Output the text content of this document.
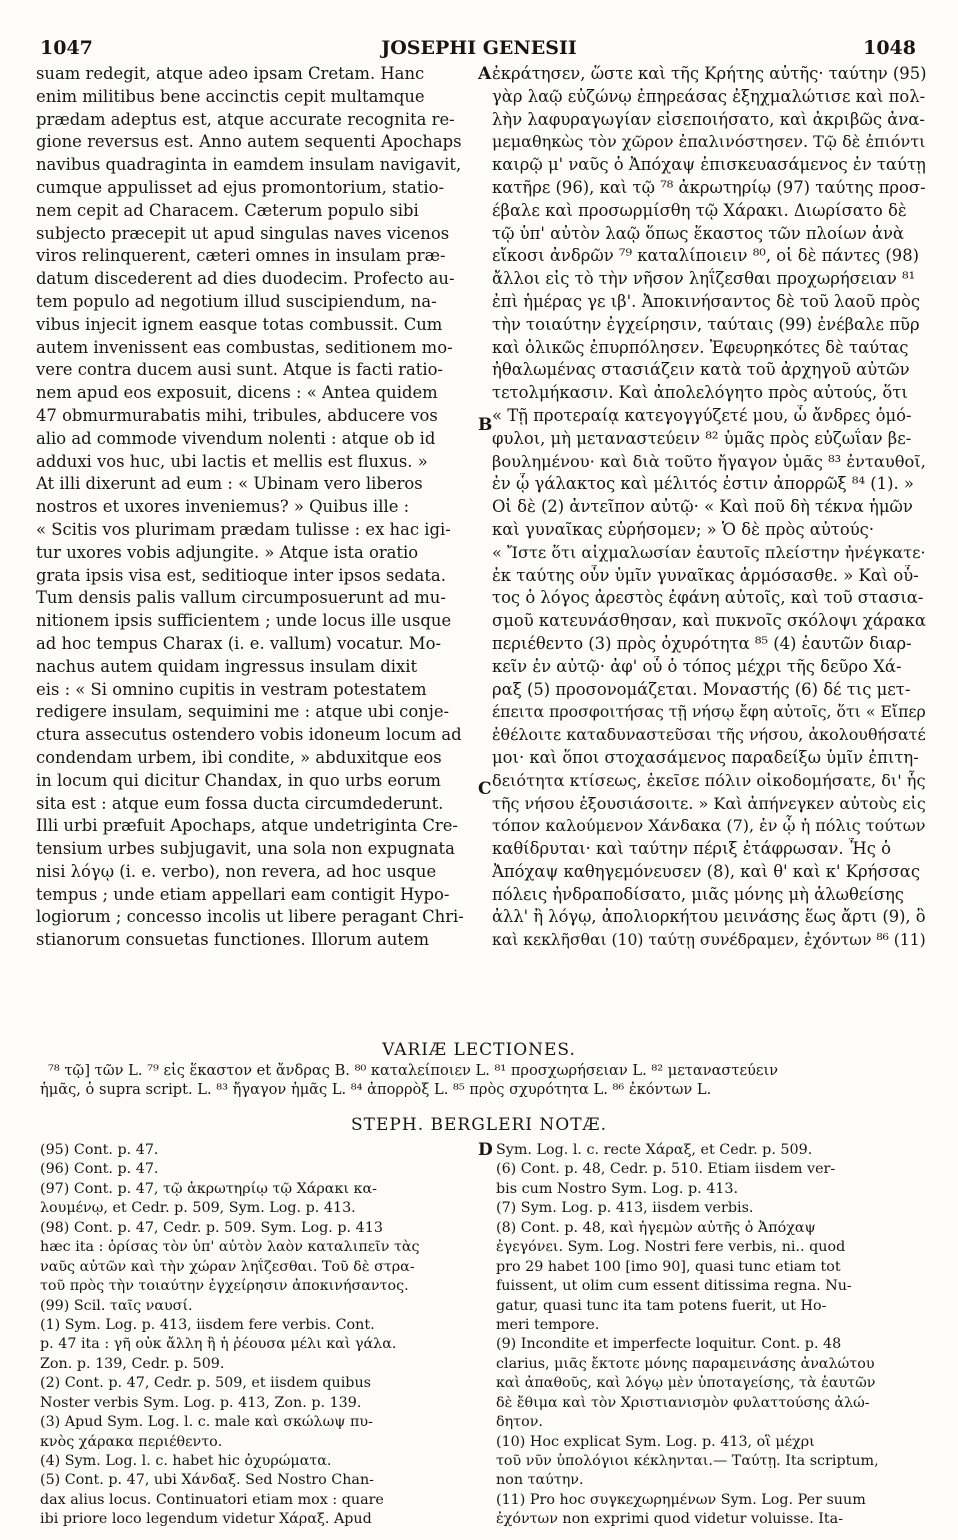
1047	JOSEPHI GENESII	1048
suam redegit, atque adeo ipsam Cretam. Hanc
enim militibus bene accinctis cepit multamque
prædam adeptus est, atque accurate recognita re-
gione reversus est. Anno autem sequenti Apochaps
navibus quadraginta in eamdem insulam navigavit,
cumque appulisset ad ejus promontorium, statio-
nem cepit ad Characem. Cæterum populo sibi
subjecto præcepit ut apud singulas naves vicenos
viros relinquerent, cæteri omnes in insulam præ-
datum discederent ad dies duodecim. Profecto au-
tem populo ad negotium illud suscipiendum, na-
vibus injecit ignem easque totas combussit. Cum
autem invenissent eas combustas, seditionem mo-
vere contra ducem ausi sunt. Atque is facti ratio-
nem apud eos exposuit, dicens : « Antea quidem
47 obmurmurabatis mihi, tribules, abducere vos
alio ad commode vivendum nolenti : atque ob id
adduxi vos huc, ubi lactis et mellis est fluxus. »
At illi dixerunt ad eum : « Ubinam vero liberos
nostros et uxores inveniemus? » Quibus ille :
« Scitis vos plurimam prædam tulisse : ex hac igi-
tur uxores vobis adjungite. » Atque ista oratio
grata ipsis visa est, seditioque inter ipsos sedata.
Tum densis palis vallum circumposuerunt ad mu-
nitionem ipsis sufficientem ; unde locus ille usque
ad hoc tempus Charax (i. e. vallum) vocatur. Mo-
nachus autem quidam ingressus insulam dixit
eis : « Si omnino cupitis in vestram potestatem
redigere insulam, sequimini me : atque ubi conje-
ctura assecutus ostendero vobis idoneum locum ad
condendam urbem, ibi condite, » abduxitque eos
in locum qui dicitur Chandax, in quo urbs eorum
sita est : atque eum fossa ducta circumdederunt.
Illi urbi præfuit Apochaps, atque undetriginta Cre-
tensium urbes subjugavit, una sola non expugnata
nisi λόγῳ (i. e. verbo), non revera, ad hoc usque
tempus ; unde etiam appellari eam contigit Hypo-
logiorum ; concesso incolis ut libere peragant Chri-
stianorum consuetas functiones. Illorum autem
ἐκράτησεν, ὥστε καὶ τῆς Κρήτης αὐτῆς· ταύτην (95)
γὰρ λαῷ εὐζώνῳ ἐπηρεάσας ἐξηχμαλώτισε καὶ πολ-
λὴν λαφυραγωγίαν εἰσεποιήσατο, καὶ ἀκριβῶς ἀνα-
μεμαθηκὼς τὸν χῶρον ἐπαλινόστησεν. Τῷ δὲ ἐπιόντι
καιρῷ μ' ναῦς ὁ Ἀπόχαψ ἐπισκευασάμενος ἐν ταύτῃ
κατῆρε (96), καὶ τῷ ⁷⁸ ἀκρωτηρίῳ (97) ταύτης προσ-
έβαλε καὶ προσωρμίσθη τῷ Χάρακι. Διωρίσατο δὲ
τῷ ὑπ' αὐτὸν λαῷ ὅπως ἕκαστος τῶν πλοίων ἀνὰ
εἴκοσι ἀνδρῶν ⁷⁹ καταλίποιειν ⁸⁰, οἱ δὲ πάντες (98)
ἄλλοι εἰς τὸ τὴν νῆσον ληΐζεσθαι προχωρήσειαν ⁸¹
ἐπὶ ἡμέρας γε ιβ'. Ἀποκινήσαντος δὲ τοῦ λαοῦ πρὸς
τὴν τοιαύτην ἐγχείρησιν, ταύταις (99) ἐνέβαλε πῦρ
καὶ ὁλικῶς ἐπυρπόλησεν. Ἐφευρηκότες δὲ ταύτας
ἠθαλωμένας στασιάζειν κατὰ τοῦ ἀρχηγοῦ αὐτῶν
τετολμήκασιν. Καὶ ἀπολελόγητο πρὸς αὐτούς, ὅτι
« Τῇ προτεραίᾳ κατεγογγύζετέ μου, ὦ ἄνδρες ὁμό-
φυλοι, μὴ μεταναστεύειν ⁸² ὑμᾶς πρὸς εὐζωΐαν βε-
βουλημένου· καὶ διὰ τοῦτο ἤγαγον ὑμᾶς ⁸³ ἐνταυθοῖ,
ἐν ᾧ γάλακτος καὶ μέλιτός ἐστιν ἀπορρῶξ ⁸⁴ (1). »
Οἱ δὲ (2) ἀντεῖπον αὐτῷ· « Καὶ ποῦ δὴ τέκνα ἡμῶν
καὶ γυναῖκας εὑρήσομεν; » Ὁ δὲ πρὸς αὐτούς·
« Ἴστε ὅτι αἰχμαλωσίαν ἑαυτοῖς πλείστην ἠνέγκατε·
ἐκ ταύτης οὖν ὑμῖν γυναῖκας ἁρμόσασθε. » Καὶ οὗ-
τος ὁ λόγος ἀρεστὸς ἐφάνη αὐτοῖς, καὶ τοῦ στασια-
σμοῦ κατευνάσθησαν, καὶ πυκνοῖς σκόλοψι χάρακα
περιέθεντο (3) πρὸς ὀχυρότητα ⁸⁵ (4) ἑαυτῶν διαρ-
κεῖν ἐν αὐτῷ· ἀφ' οὗ ὁ τόπος μέχρι τῆς δεῦρο Χά-
ραξ (5) προσονομάζεται. Μοναστής (6) δέ τις μετ-
έπειτα προσφοιτήσας τῇ νήσῳ ἔφη αὐτοῖς, ὅτι « Εἴπερ
ἐθέλοιτε καταδυναστεῦσαι τῆς νήσου, ἀκολουθήσατέ
μοι· καὶ ὅποι στοχασάμενος παραδείξω ὑμῖν ἐπιτη-
δειότητα κτίσεως, ἐκεῖσε πόλιν οἰκοδομήσατε, δι' ἧς
τῆς νήσου ἐξουσιάσοιτε. » Καὶ ἀπήνεγκεν αὐτοὺς εἰς
τόπον καλούμενον Χάνδακα (7), ἐν ᾧ ἡ πόλις τούτων
καθίδρυται· καὶ ταύτην πέριξ ἐτάφρωσαν. Ἧς ὁ
Ἀπόχαψ καθηγεμόνευσεν (8), καὶ θ' καὶ κ' Κρήσσας
πόλεις ἠνδραποδίσατο, μιᾶς μόνης μὴ ἁλωθείσης
ἀλλ' ἢ λόγῳ, ἀπολιορκήτου μεινάσης ἕως ἄρτι (9), ὃ
καὶ κεκλῆσθαι (10) ταύτῃ συνέδραμεν, ἐχόντων ⁸⁶ (11)
A
B
C
D
VARIÆ LECTIONES.
⁷⁸ τῷ] τῶν L. ⁷⁹ εἰς ἕκαστον et ἄνδρας B. ⁸⁰ καταλείποιεν L. ⁸¹ προσχωρήσειαν L. ⁸² μεταναστεύειν
ἡμᾶς, ὁ supra script. L. ⁸³ ἤγαγον ἡμᾶς L. ⁸⁴ ἀπορρὸξ L. ⁸⁵ πρὸς σχυρότητα L. ⁸⁶ ἐκόντων L.
STEPH. BERGLERI NOTÆ.
(95) Cont. p. 47.
(96) Cont. p. 47.
(97) Cont. p. 47, τῷ ἀκρωτηρίῳ τῷ Χάρακι κα-
λουμένῳ, et Cedr. p. 509, Sym. Log. p. 413.
(98) Cont. p. 47, Cedr. p. 509. Sym. Log. p. 413
hæc ita : ὁρίσας τὸν ὑπ' αὐτὸν λαὸν καταλιπεῖν τὰς
ναῦς αὐτῶν καὶ τὴν χώραν ληΐζεσθαι. Τοῦ δὲ στρα-
τοῦ πρὸς τὴν τοιαύτην ἐγχείρησιν ἀποκινήσαντος.
(99) Scil. ταῖς ναυσί.
(1) Sym. Log. p. 413, iisdem fere verbis. Cont.
p. 47 ita : γῆ οὐκ ἄλλη ἢ ἡ ῥέουσα μέλι καὶ γάλα.
Zon. p. 139, Cedr. p. 509.
(2) Cont. p. 47, Cedr. p. 509, et iisdem quibus
Noster verbis Sym. Log. p. 413, Zon. p. 139.
(3) Apud Sym. Log. l. c. male καὶ σκώλωψ πυ-
κνὸς χάρακα περιέθεντο.
(4) Sym. Log. l. c. habet hic ὀχυρώματα.
(5) Cont. p. 47, ubi Χάνδαξ. Sed Nostro Chan-
dax alius locus. Continuatori etiam mox : quare
ibi priore loco legendum videtur Χάραξ. Apud
Sym. Log. l. c. recte Χάραξ, et Cedr. p. 509.
(6) Cont. p. 48, Cedr. p. 510. Etiam iisdem ver-
bis cum Nostro Sym. Log. p. 413.
(7) Sym. Log. p. 413, iisdem verbis.
(8) Cont. p. 48, καὶ ἡγεμὼν αὐτῆς ὁ Ἀπόχαψ
ἐγεγόνει. Sym. Log. Nostri fere verbis, ni.. quod
pro 29 habet 100 [imo 90], quasi tunc etiam tot
fuissent, ut olim cum essent ditissima regna. Nu-
gatur, quasi tunc ita tam potens fuerit, ut Ho-
meri tempore.
(9) Incondite et imperfecte loquitur. Cont. p. 48
clarius, μιᾶς ἔκτοτε μόνης παραμεινάσης ἀναλώτου
καὶ ἀπαθοῦς, καὶ λόγῳ μὲν ὑποταγείσης, τὰ ἑαυτῶν
δὲ ἔθιμα καὶ τὸν Χριστιανισμὸν φυλαττούσης ἀλώ-
δητον.
(10) Hoc explicat Sym. Log. p. 413, οἳ μέχρι
τοῦ νῦν ὑπολόγιοι κέκληνται.— Ταύτῃ. Ita scriptum,
non ταύτην.
(11) Pro hoc συγκεχωρημένων Sym. Log. Per suum
ἐχόντων non exprimi quod videtur voluisse. Ita-
